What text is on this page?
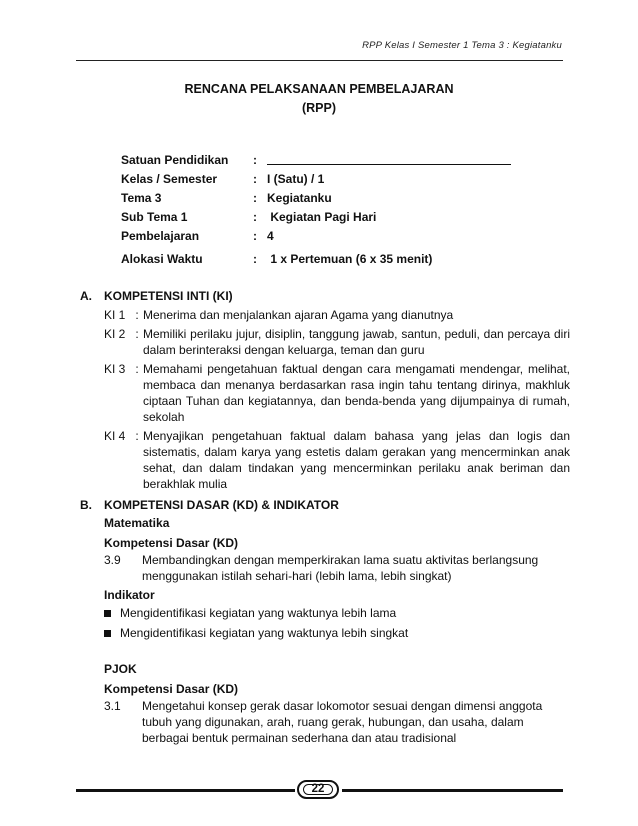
RPP Kelas I Semester 1 Tema 3 : Kegiatanku
RENCANA PELAKSANAAN PEMBELAJARAN
(RPP)
Satuan Pendidikan	:
Kelas / Semester	: I (Satu) / 1
Tema 3	: Kegiatanku
Sub Tema 1	: Kegiatan Pagi Hari
Pembelajaran	: 4
Alokasi Waktu	: 1 x Pertemuan (6 x 35 menit)
A.	KOMPETENSI INTI (KI)
KI 1 : Menerima dan menjalankan ajaran Agama yang dianutnya
KI 2 : Memiliki perilaku jujur, disiplin, tanggung jawab, santun, peduli, dan percaya diri dalam berinteraksi dengan keluarga, teman dan guru
KI 3 : Memahami pengetahuan faktual dengan cara mengamati mendengar, melihat, membaca dan menanya berdasarkan rasa ingin tahu tentang dirinya, makhluk ciptaan Tuhan dan kegiatannya, dan benda-benda yang dijumpainya di rumah, sekolah
KI 4 : Menyajikan pengetahuan faktual dalam bahasa yang jelas dan logis dan sistematis, dalam karya yang estetis dalam gerakan yang mencerminkan anak sehat, dan dalam tindakan yang mencerminkan perilaku anak beriman dan berakhlak mulia
B.	KOMPETENSI DASAR (KD) & INDIKATOR
Matematika
Kompetensi Dasar (KD)
3.9	Membandingkan dengan memperkirakan lama suatu aktivitas berlangsung menggunakan istilah sehari-hari (lebih lama, lebih singkat)
Indikator
Mengidentifikasi kegiatan yang waktunya lebih lama
Mengidentifikasi kegiatan yang waktunya lebih singkat
PJOK
Kompetensi Dasar (KD)
3.1	Mengetahui konsep gerak dasar lokomotor sesuai dengan dimensi anggota tubuh yang digunakan, arah, ruang gerak, hubungan, dan usaha, dalam berbagai bentuk permainan sederhana dan atau tradisional
22
